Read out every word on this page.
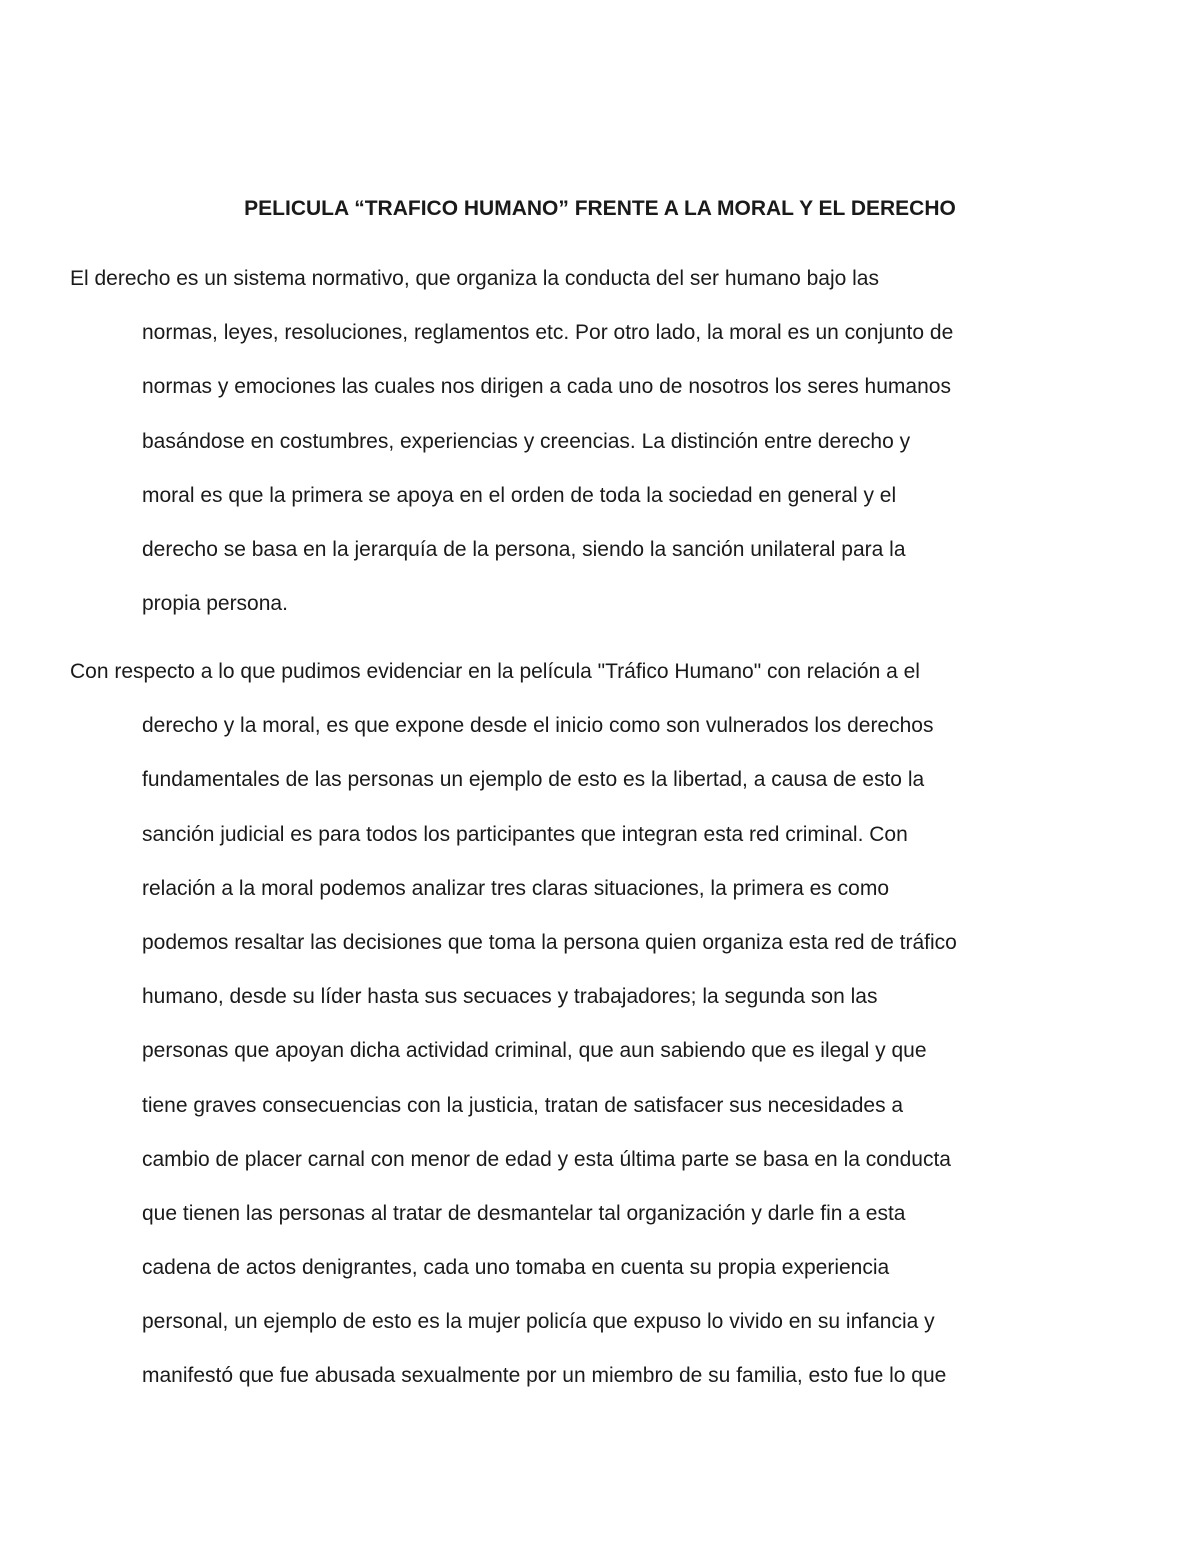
PELICULA “TRAFICO HUMANO” FRENTE A LA MORAL Y EL DERECHO

El derecho es un sistema normativo, que organiza la conducta del ser humano bajo las
normas, leyes, resoluciones, reglamentos etc. Por otro lado, la moral es un conjunto de
normas y emociones las cuales nos dirigen a cada uno de nosotros los seres humanos
basándose en costumbres, experiencias y creencias. La distinción entre derecho y
moral es que la primera se apoya en el orden de toda la sociedad en general y el
derecho se basa en la jerarquía de la persona, siendo la sanción unilateral para la
propia persona.

Con respecto a lo que pudimos evidenciar en la película "Tráfico Humano" con relación a el
derecho y la moral, es que expone desde el inicio como son vulnerados los derechos
fundamentales de las personas un ejemplo de esto es la libertad, a causa de esto la
sanción judicial es para todos los participantes que integran esta red criminal. Con
relación a la moral podemos analizar tres claras situaciones, la primera es como
podemos resaltar las decisiones que toma la persona quien organiza esta red de tráfico
humano, desde su líder hasta sus secuaces y trabajadores; la segunda son las
personas que apoyan dicha actividad criminal, que aun sabiendo que es ilegal y que
tiene graves consecuencias con la justicia, tratan de satisfacer sus necesidades a
cambio de placer carnal con menor de edad y esta última parte se basa en la conducta
que tienen las personas al tratar de desmantelar tal organización y darle fin a esta
cadena de actos denigrantes, cada uno tomaba en cuenta su propia experiencia
personal, un ejemplo de esto es la mujer policía que expuso lo vivido en su infancia y
manifestó que fue abusada sexualmente por un miembro de su familia, esto fue lo que
